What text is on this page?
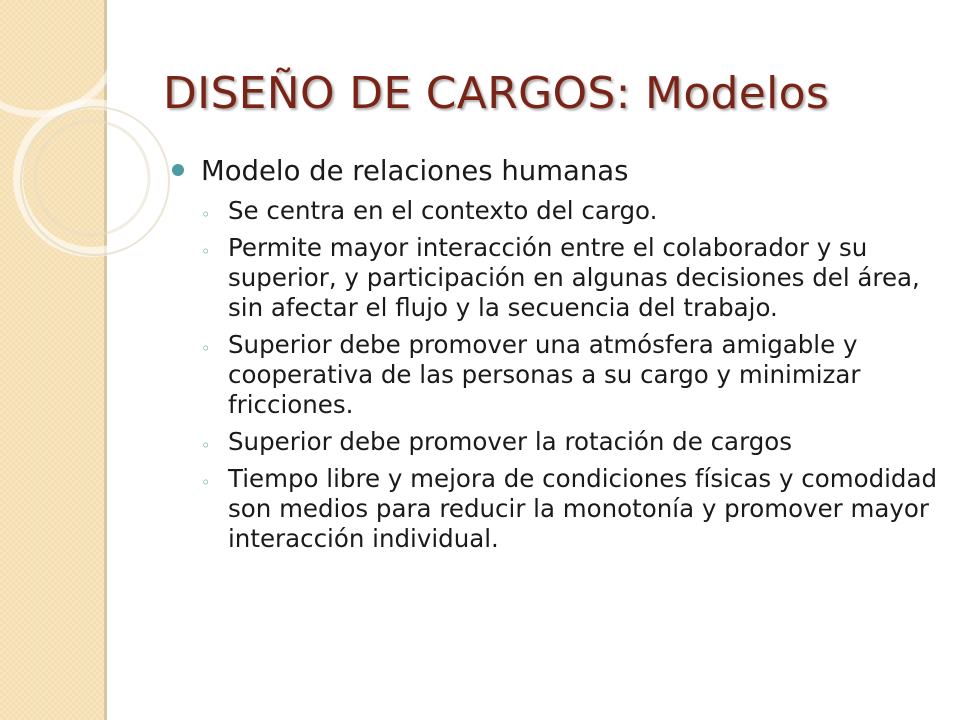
DISEÑO DE CARGOS: Modelos
Modelo de relaciones humanas
◦ Se centra en el contexto del cargo.
◦ Permite mayor interacción entre el colaborador y su superior, y participación en algunas decisiones del área, sin afectar el flujo y la secuencia del trabajo.
◦ Superior debe promover una atmósfera amigable y cooperativa de las personas a su cargo y minimizar fricciones.
◦ Superior debe promover la rotación de cargos
◦ Tiempo libre y mejora de condiciones físicas y comodidad son medios para reducir la monotonía y promover mayor interacción individual.
